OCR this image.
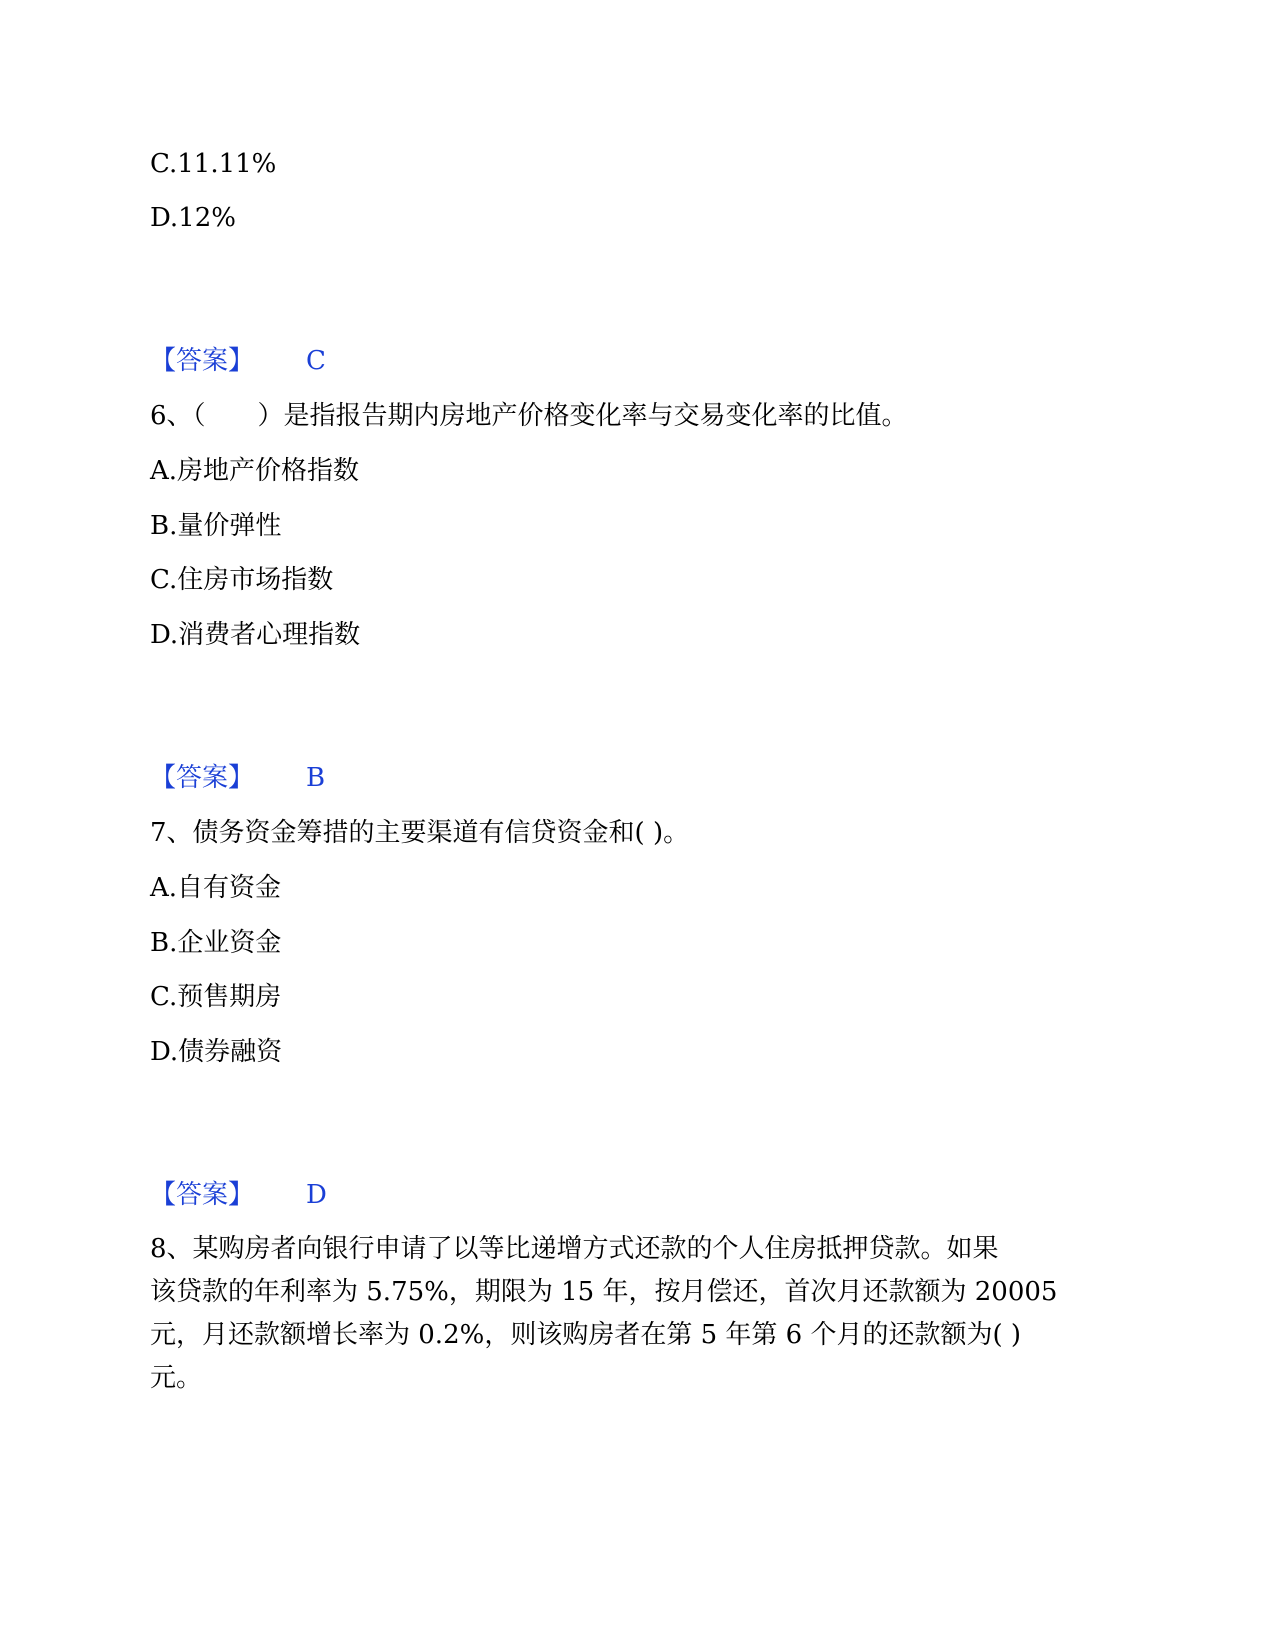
C.11.11%
D.12%
【答案】 C
6、（　　）是指报告期内房地产价格变化率与交易变化率的比值。
A.房地产价格指数
B.量价弹性
C.住房市场指数
D.消费者心理指数
【答案】 B
7、债务资金筹措的主要渠道有信贷资金和( )。
A.自有资金
B.企业资金
C.预售期房
D.债券融资
【答案】 D
8、某购房者向银行申请了以等比递增方式还款的个人住房抵押贷款。如果
该贷款的年利率为 5.75%，期限为 15 年，按月偿还，首次月还款额为 20005
元，月还款额增长率为 0.2%，则该购房者在第 5 年第 6 个月的还款额为( )
元。
